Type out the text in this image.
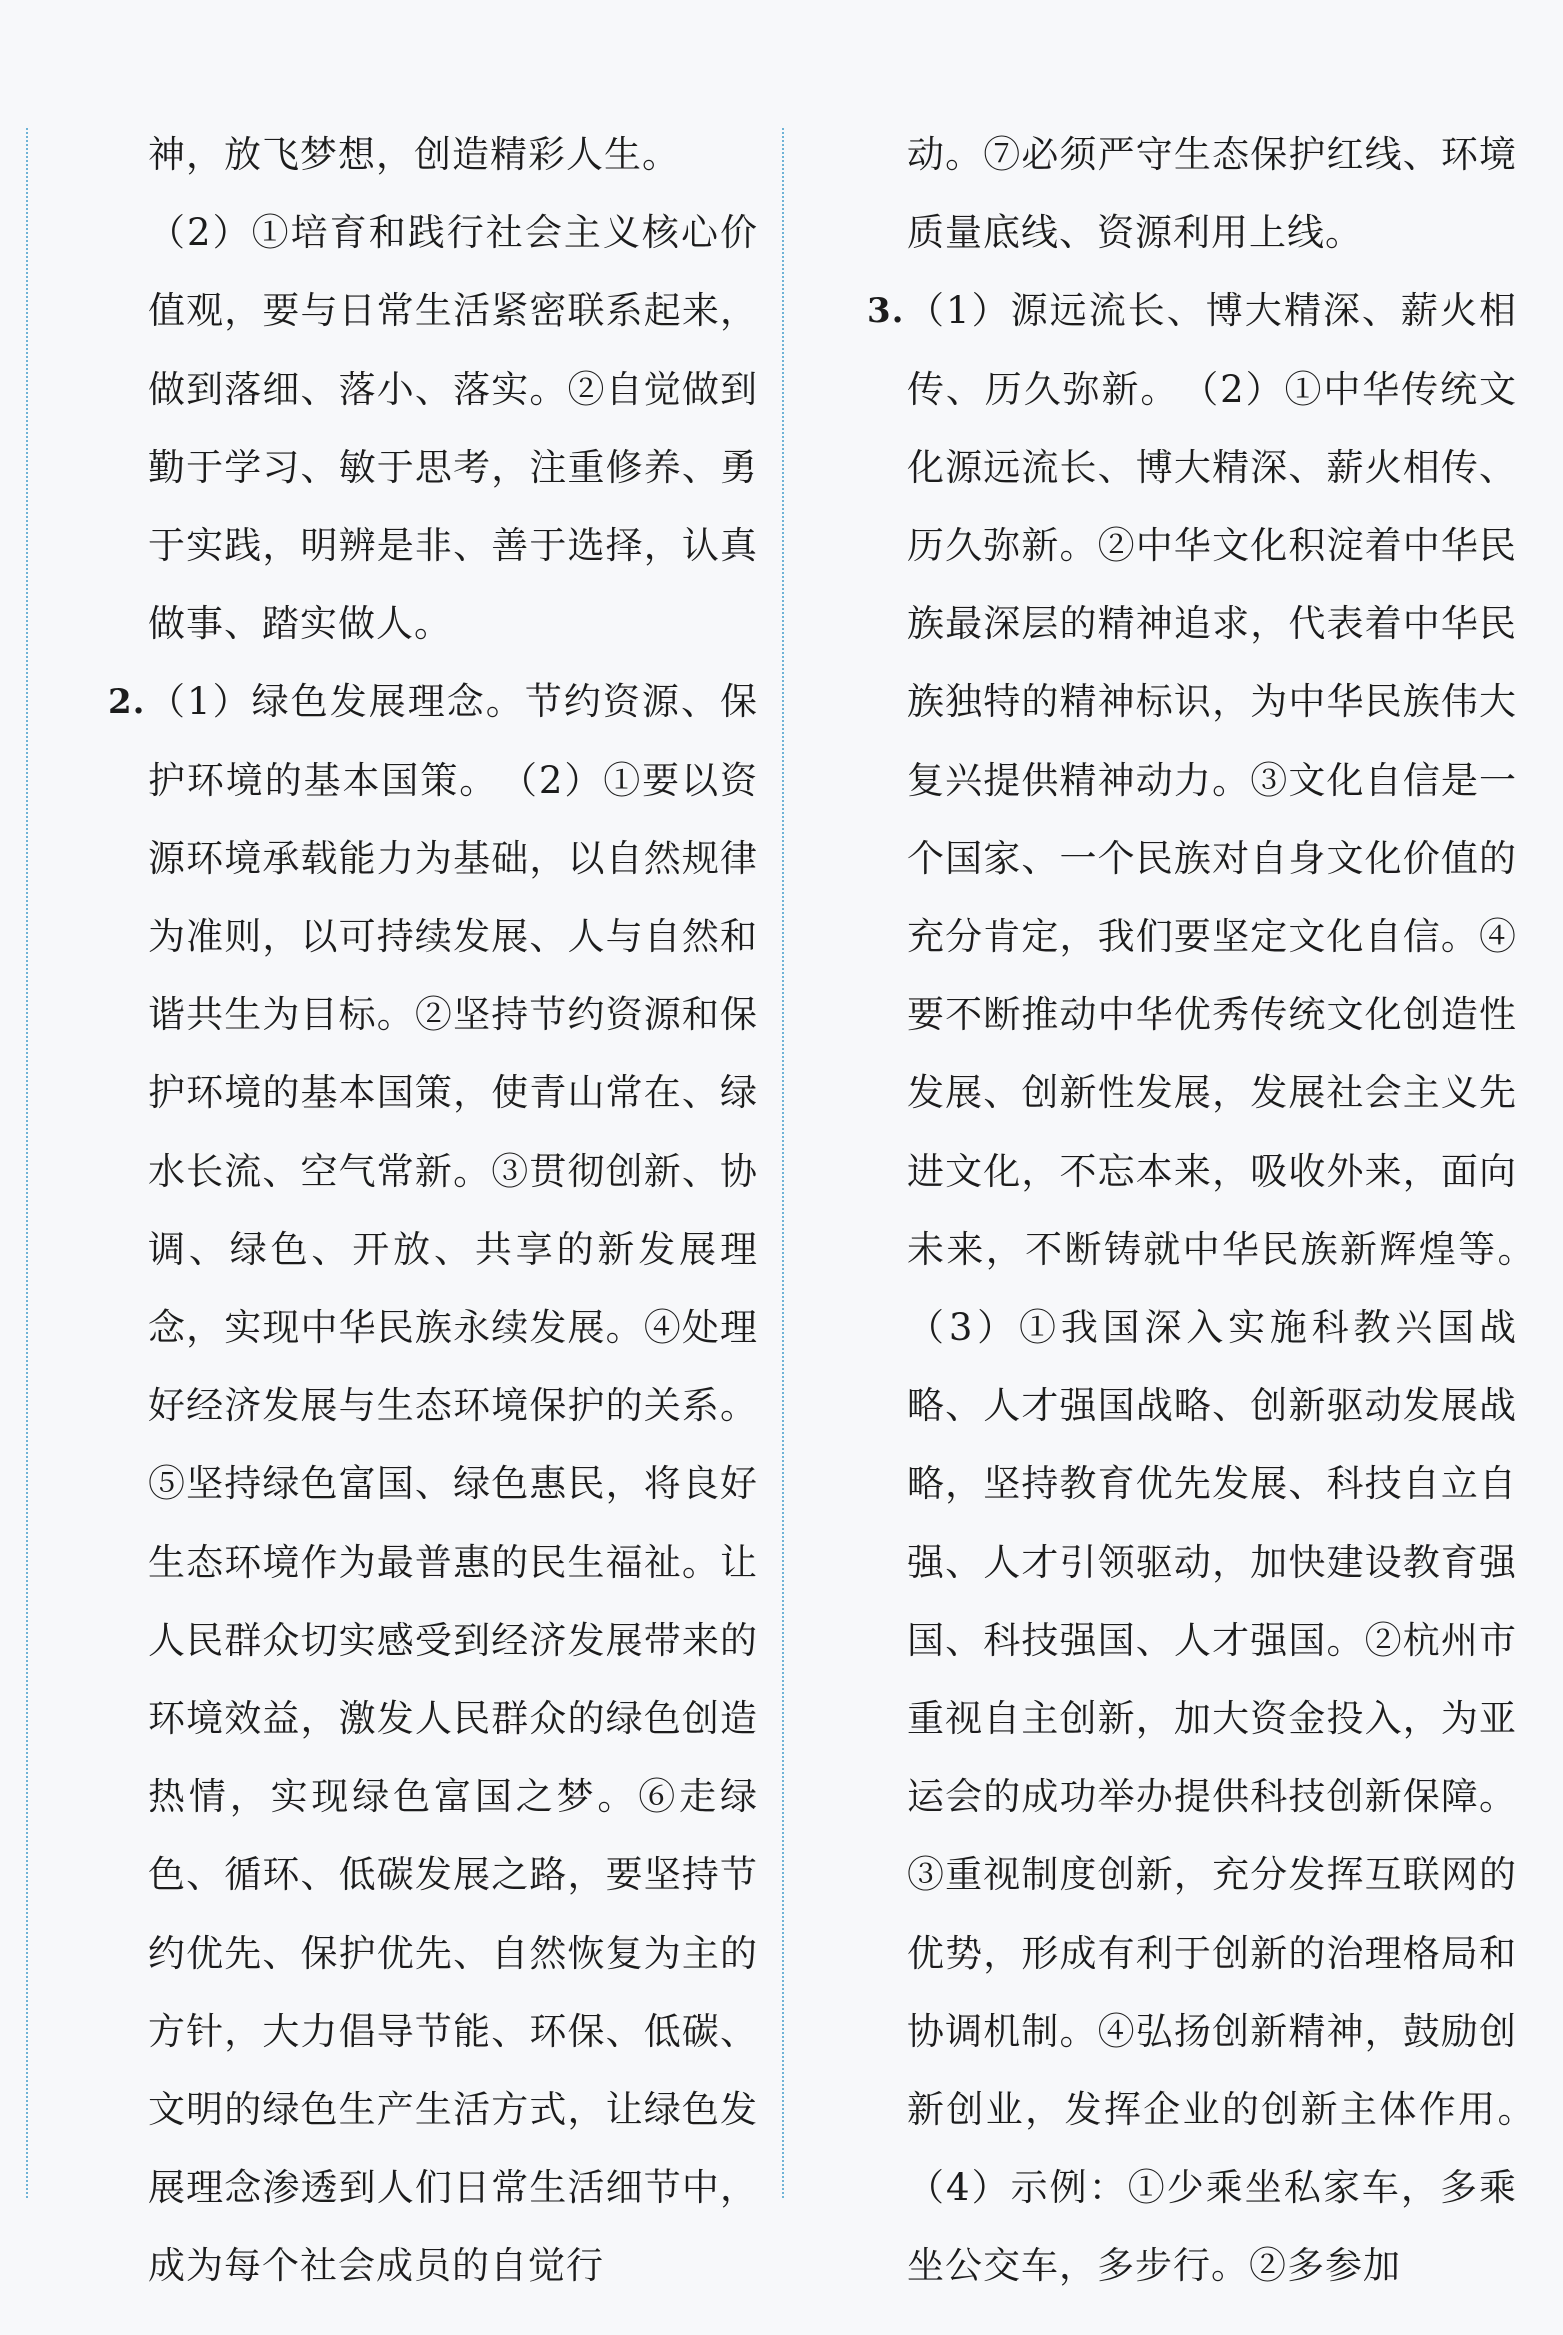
神，放飞梦想，创造精彩人生。

（2）①培育和践行社会主义核心价值观，要与日常生活紧密联系起来，做到落细、落小、落实。②自觉做到勤于学习、敏于思考，注重修养、勇于实践，明辨是非、善于选择，认真做事、踏实做人。

2. （1）绿色发展理念。节约资源、保护环境的基本国策。　（2）①要以资源环境承载能力为基础，以自然规律为准则，以可持续发展、人与自然和谐共生为目标。②坚持节约资源和保护环境的基本国策，使青山常在、绿水长流、空气常新。③贯彻创新、协调、绿色、开放、共享的新发展理念，实现中华民族永续发展。④处理好经济发展与生态环境保护的关系。⑤坚持绿色富国、绿色惠民，将良好生态环境作为最普惠的民生福祉。让人民群众切实感受到经济发展带来的环境效益，激发人民群众的绿色创造热情，实现绿色富国之梦。⑥走绿色、循环、低碳发展之路，要坚持节约优先、保护优先、自然恢复为主的方针，大力倡导节能、环保、低碳、文明的绿色生产生活方式，让绿色发展理念渗透到人们日常生活细节中，成为每个社会成员的自觉行

动。⑦必须严守生态保护红线、环境质量底线、资源利用上线。

3. （1）源远流长、博大精深、薪火相传、历久弥新。　（2）①中华传统文化源远流长、博大精深、薪火相传、历久弥新。②中华文化积淀着中华民族最深层的精神追求，代表着中华民族独特的精神标识，为中华民族伟大复兴提供精神动力。③文化自信是一个国家、一个民族对自身文化价值的充分肯定，我们要坚定文化自信。④要不断推动中华优秀传统文化创造性发展、创新性发展，发展社会主义先进文化，不忘本来，吸收外来，面向未来，不断铸就中华民族新辉煌等。　（3）①我国深入实施科教兴国战略、人才强国战略、创新驱动发展战略，坚持教育优先发展、科技自立自强、人才引领驱动，加快建设教育强国、科技强国、人才强国。②杭州市重视自主创新，加大资金投入，为亚运会的成功举办提供科技创新保障。③重视制度创新，充分发挥互联网的优势，形成有利于创新的治理格局和协调机制。④弘扬创新精神，鼓励创新创业，发挥企业的创新主体作用。　（4）示例：①少乘坐私家车，多乘坐公交车，多步行。②多参加
